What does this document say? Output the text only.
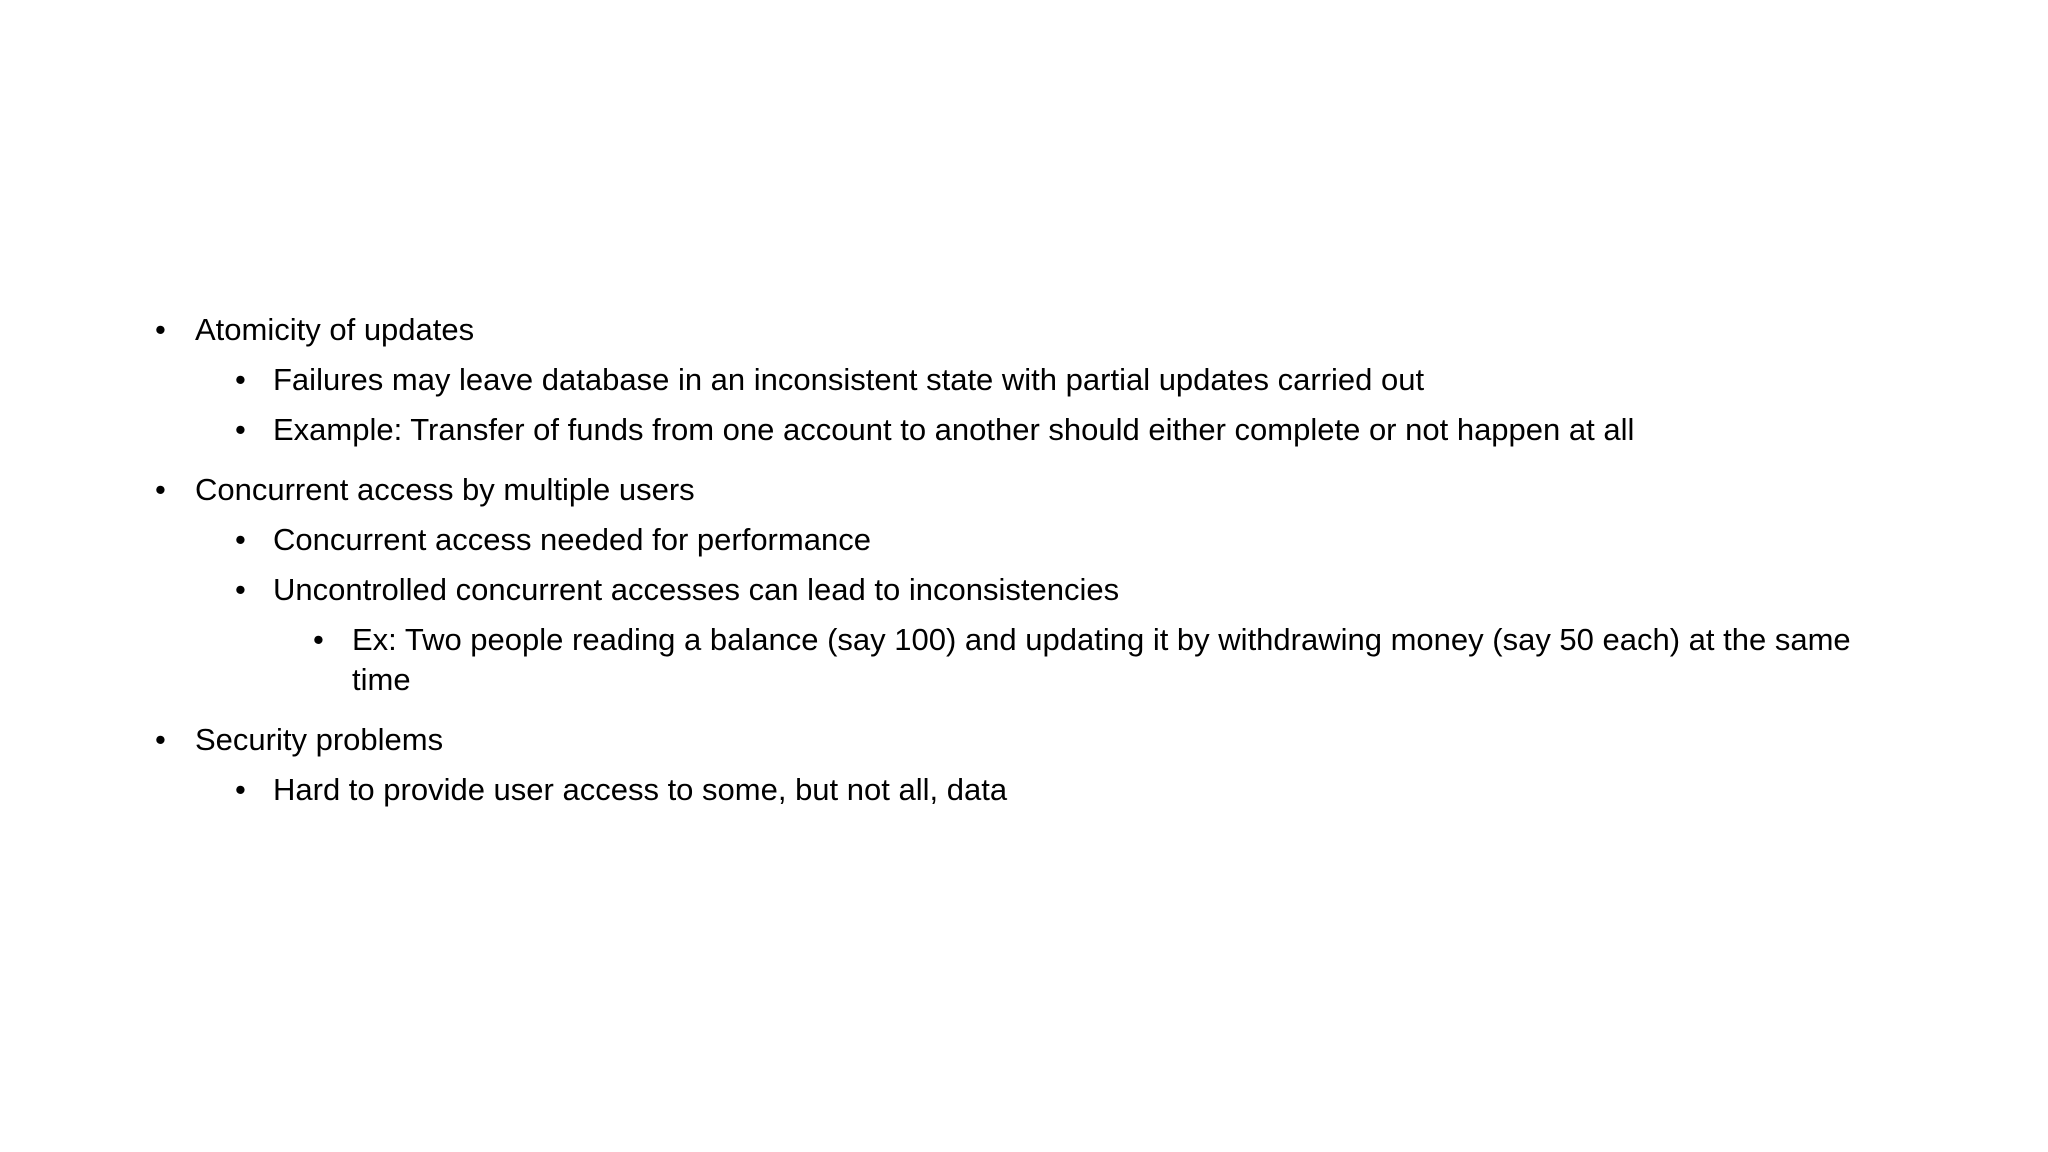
• Atomicity of updates
• Failures may leave database in an inconsistent state with partial updates carried out
• Example: Transfer of funds from one account to another should either complete or not happen at all
• Concurrent access by multiple users
• Concurrent access needed for performance
• Uncontrolled concurrent accesses can lead to inconsistencies
• Ex: Two people reading a balance (say 100) and updating it by withdrawing money (say 50 each) at the same time
• Security problems
• Hard to provide user access to some, but not all, data
